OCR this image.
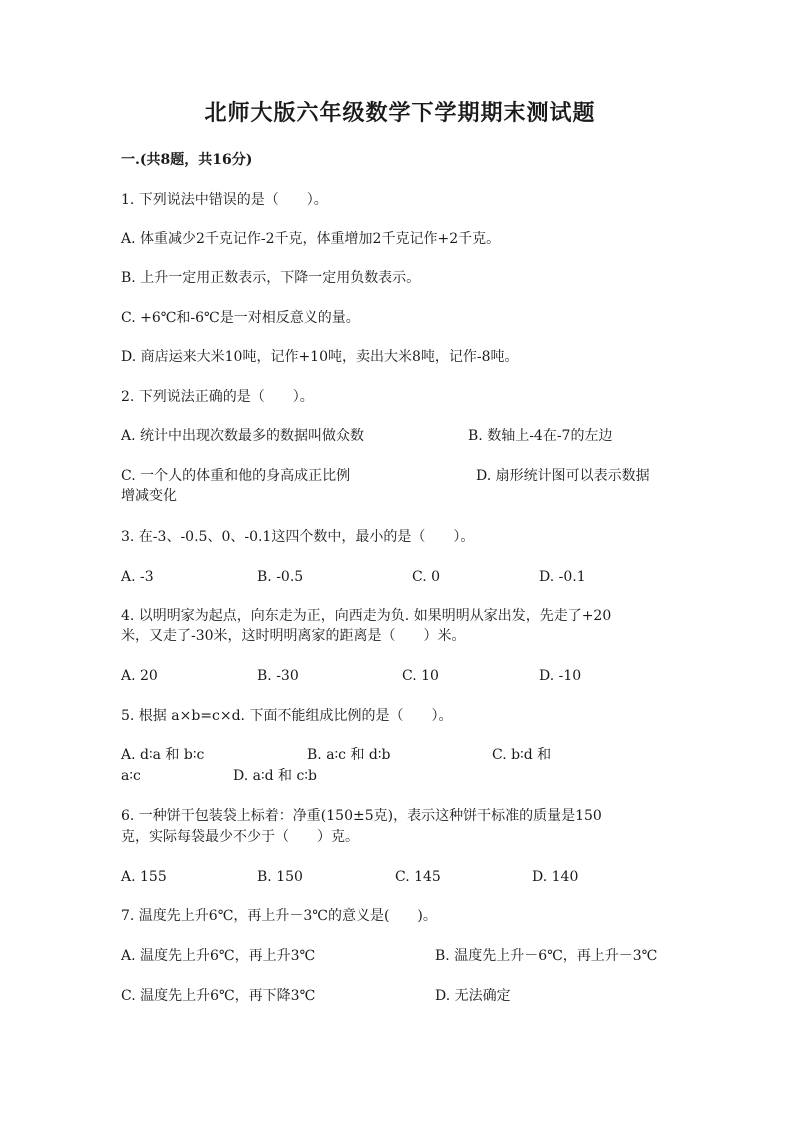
北师大版六年级数学下学期期末测试题
一.(共8题，共16分)
1. 下列说法中错误的是（　　）。
A. 体重减少2千克记作-2千克，体重增加2千克记作+2千克。
B. 上升一定用正数表示，下降一定用负数表示。
C. +6℃和-6℃是一对相反意义的量。
D. 商店运来大米10吨，记作+10吨，卖出大米8吨，记作-8吨。
2. 下列说法正确的是（　　）。
A. 统计中出现次数最多的数据叫做众数	B. 数轴上-4在-7的左边
C. 一个人的体重和他的身高成正比例	D. 扇形统计图可以表示数据
增减变化
3. 在-3、-0.5、0、-0.1这四个数中，最小的是（　　）。
A. -3	B. -0.5	C. 0	D. -0.1
4. 以明明家为起点，向东走为正，向西走为负. 如果明明从家出发，先走了+20
米，又走了-30米，这时明明离家的距离是（　　）米。
A. 20	B. -30	C. 10	D. -10
5. 根据 a×b=c×d. 下面不能组成比例的是（　　）。
A. d∶a 和 b∶c	B. a∶c 和 d∶b	C. b∶d 和
a∶c	D. a∶d 和 c∶b
6. 一种饼干包装袋上标着：净重(150±5克)，表示这种饼干标准的质量是150
克，实际每袋最少不少于（　　）克。
A. 155	B. 150	C. 145	D. 140
7. 温度先上升6℃，再上升－3℃的意义是(　　)。
A. 温度先上升6℃，再上升3℃	B. 温度先上升－6℃，再上升－3℃
C. 温度先上升6℃，再下降3℃	D. 无法确定
